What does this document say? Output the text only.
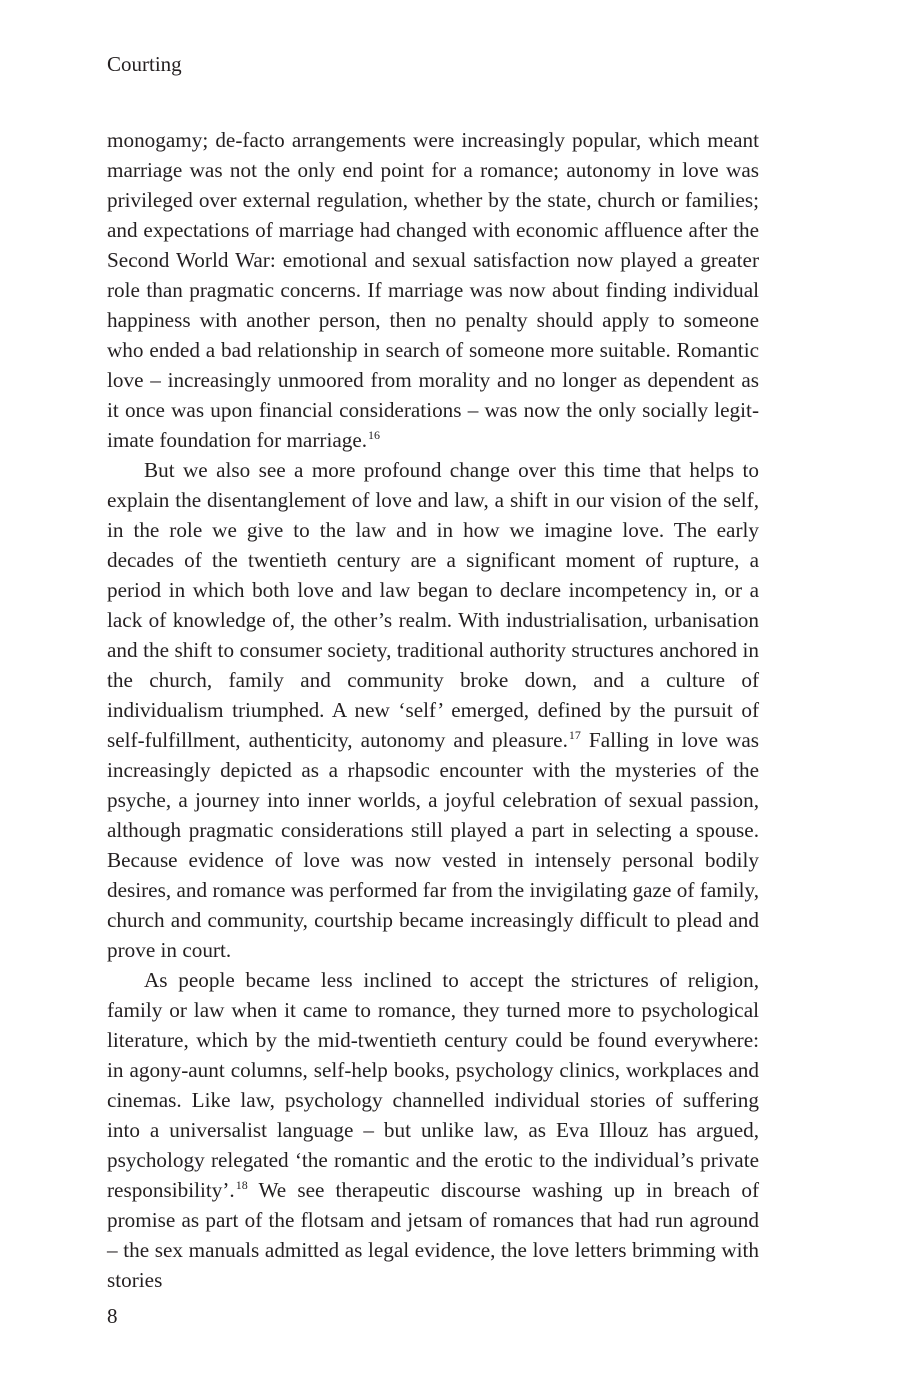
Courting

monogamy; de-facto arrangements were increasingly popular, which meant marriage was not the only end point for a romance; autonomy in love was privileged over external regulation, whether by the state, church or families; and expectations of marriage had changed with economic affluence after the Second World War: emotional and sexual satisfaction now played a greater role than pragmatic concerns. If marriage was now about finding individual happiness with another person, then no penalty should apply to someone who ended a bad relationship in search of someone more suitable. Romantic love – increasingly unmoored from morality and no longer as dependent as it once was upon financial considerations – was now the only socially legitimate foundation for marriage.$^{16}$

But we also see a more profound change over this time that helps to explain the disentanglement of love and law, a shift in our vision of the self, in the role we give to the law and in how we imagine love. The early decades of the twentieth century are a significant moment of rupture, a period in which both love and law began to declare incompetency in, or a lack of knowledge of, the other’s realm. With industrialisation, urbanisation and the shift to consumer society, traditional authority structures anchored in the church, family and community broke down, and a culture of individualism triumphed. A new ‘self’ emerged, defined by the pursuit of self-fulfillment, authenticity, autonomy and pleasure.$^{17}$ Falling in love was increasingly depicted as a rhapsodic encounter with the mysteries of the psyche, a journey into inner worlds, a joyful celebration of sexual passion, although pragmatic considerations still played a part in selecting a spouse. Because evidence of love was now vested in intensely personal bodily desires, and romance was performed far from the invigilating gaze of family, church and community, courtship became increasingly difficult to plead and prove in court.

As people became less inclined to accept the strictures of religion, family or law when it came to romance, they turned more to psychological literature, which by the mid-twentieth century could be found everywhere: in agony-aunt columns, self-help books, psychology clinics, workplaces and cinemas. Like law, psychology channelled individual stories of suffering into a universalist language – but unlike law, as Eva Illouz has argued, psychology relegated ‘the romantic and the erotic to the individual’s private responsibility’.$^{18}$ We see therapeutic discourse washing up in breach of promise as part of the flotsam and jetsam of romances that had run aground – the sex manuals admitted as legal evidence, the love letters brimming with stories

8
